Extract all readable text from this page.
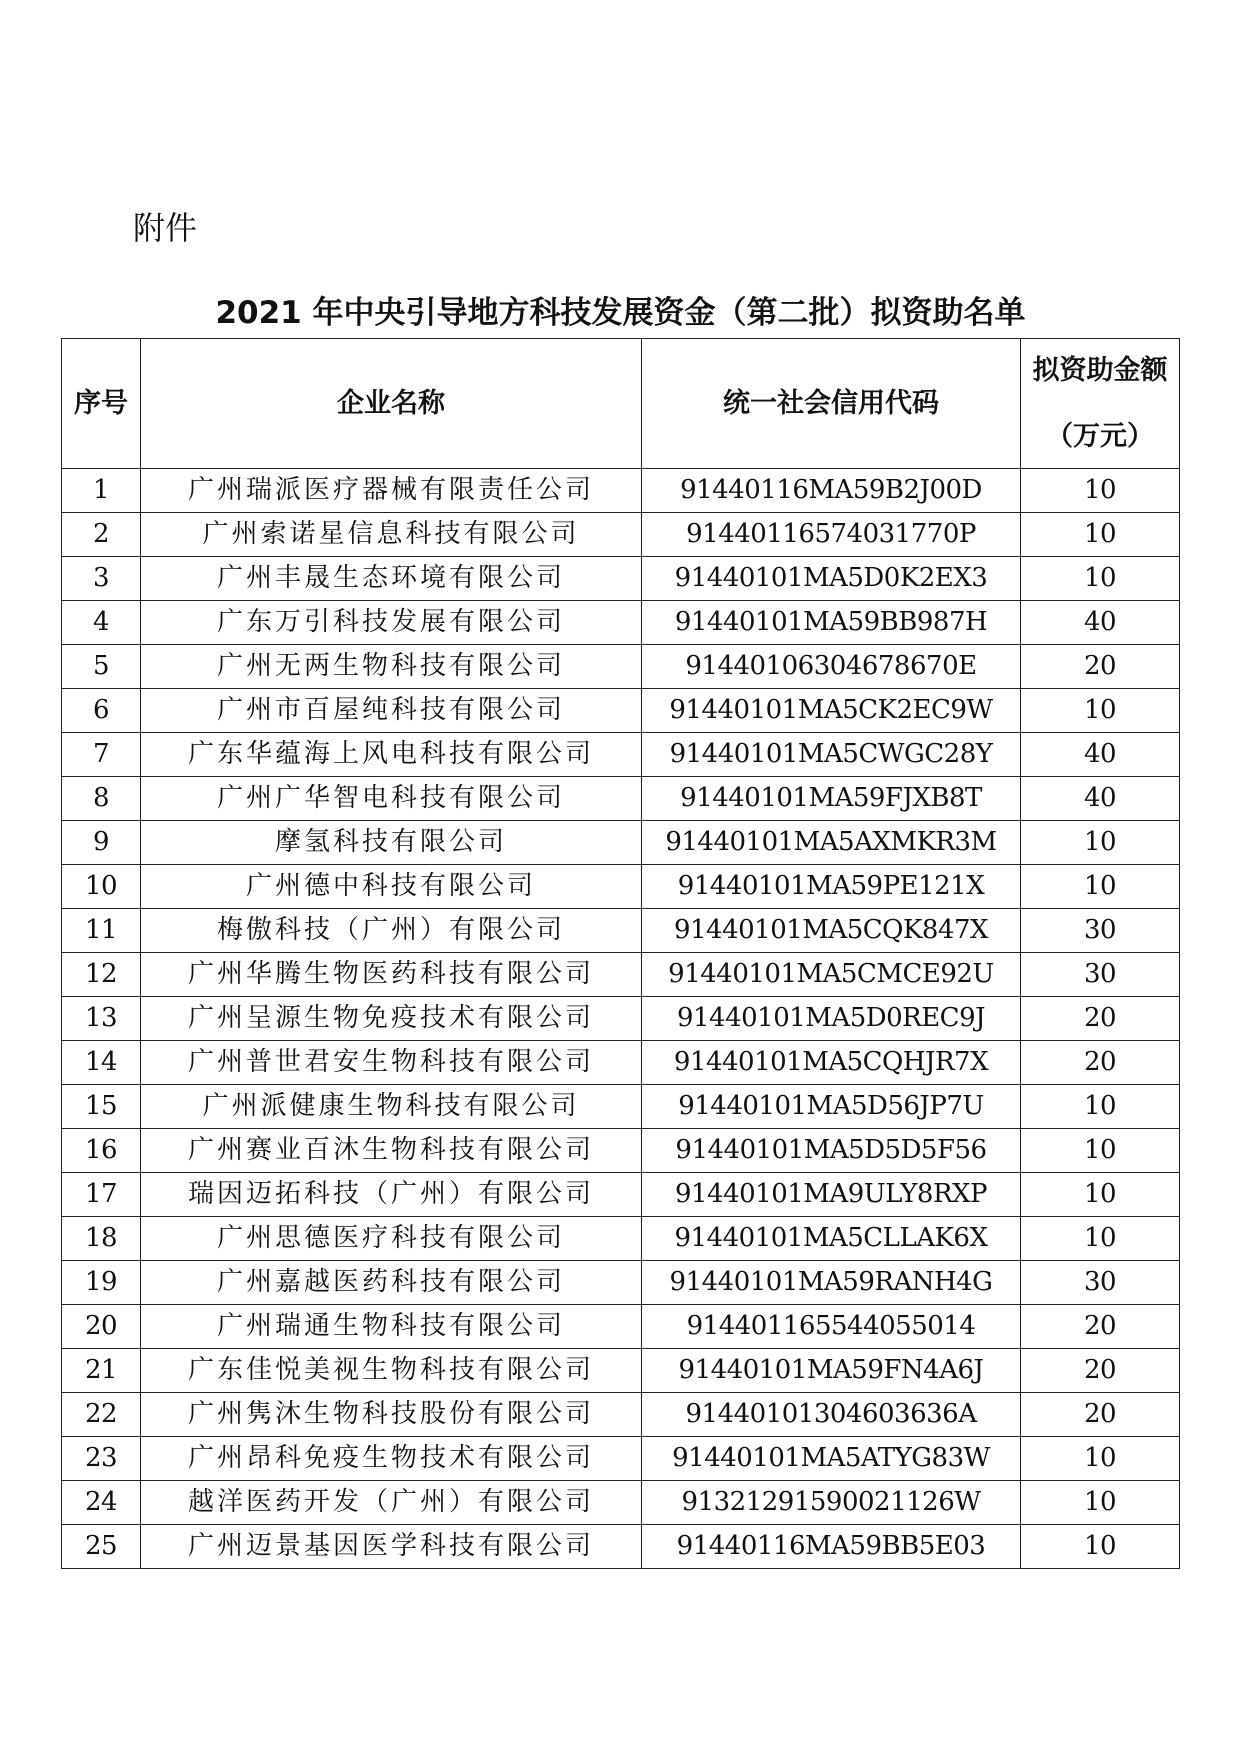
附件
2021 年中央引导地方科技发展资金（第二批）拟资助名单
序号	企业名称	统一社会信用代码	拟资助金额
（万元）

1	广州瑞派医疗器械有限责任公司	91440116MA59B2J00D	10
2	广州索诺星信息科技有限公司	91440116574031770P	10
3	广州丰晟生态环境有限公司	91440101MA5D0K2EX3	10
4	广东万引科技发展有限公司	91440101MA59BB987H	40
5	广州无两生物科技有限公司	91440106304678670E	20
6	广州市百屋纯科技有限公司	91440101MA5CK2EC9W	10
7	广东华蕴海上风电科技有限公司	91440101MA5CWGC28Y	40
8	广州广华智电科技有限公司	91440101MA59FJXB8T	40
9	摩氢科技有限公司	91440101MA5AXMKR3M	10
10	广州德中科技有限公司	91440101MA59PE121X	10
11	梅傲科技（广州）有限公司	91440101MA5CQK847X	30
12	广州华腾生物医药科技有限公司	91440101MA5CMCE92U	30
13	广州呈源生物免疫技术有限公司	91440101MA5D0REC9J	20
14	广州普世君安生物科技有限公司	91440101MA5CQHJR7X	20
15	广州派健康生物科技有限公司	91440101MA5D56JP7U	10
16	广州赛业百沐生物科技有限公司	91440101MA5D5D5F56	10
17	瑞因迈拓科技（广州）有限公司	91440101MA9ULY8RXP	10
18	广州思德医疗科技有限公司	91440101MA5CLLAK6X	10
19	广州嘉越医药科技有限公司	91440101MA59RANH4G	30
20	广州瑞通生物科技有限公司	914401165544055014	20
21	广东佳悦美视生物科技有限公司	91440101MA59FN4A6J	20
22	广州隽沐生物科技股份有限公司	91440101304603636A	20
23	广州昂科免疫生物技术有限公司	91440101MA5ATYG83W	10
24	越洋医药开发（广州）有限公司	91321291590021126W	10
25	广州迈景基因医学科技有限公司	91440116MA59BB5E03	10
